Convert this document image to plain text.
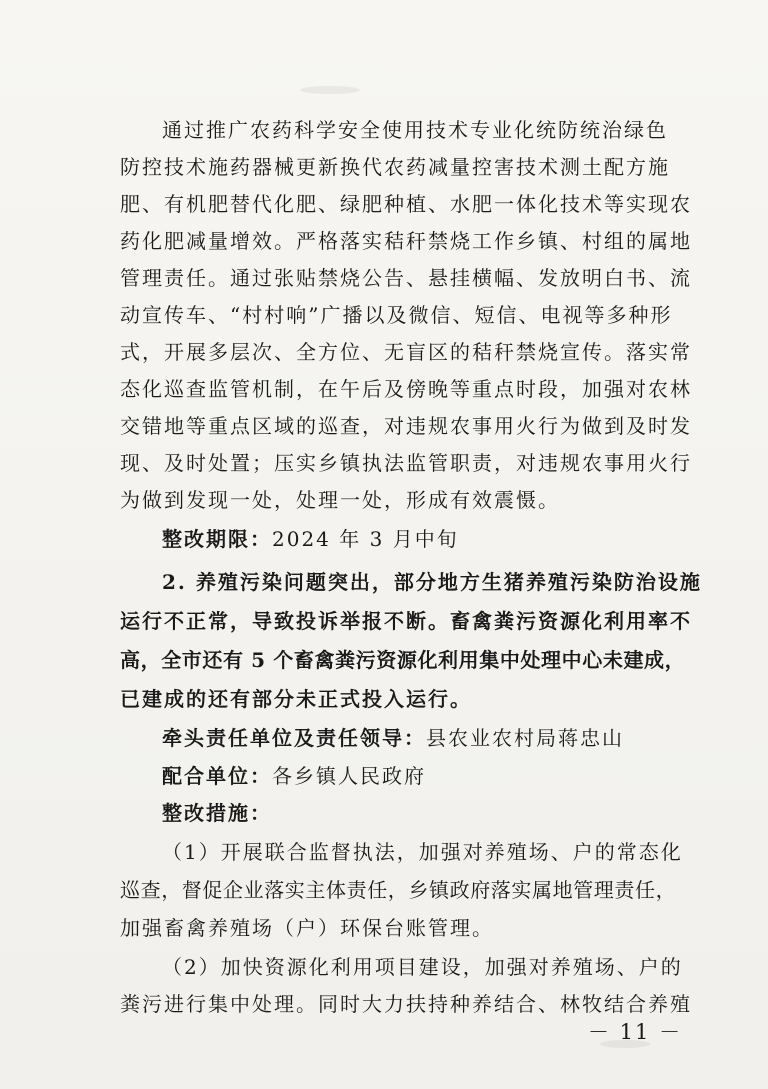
通过推广农药科学安全使用技术专业化统防统治绿色
防控技术施药器械更新换代农药减量控害技术测土配方施
肥、有机肥替代化肥、绿肥种植、水肥一体化技术等实现农
药化肥减量增效。严格落实秸秆禁烧工作乡镇、村组的属地
管理责任。通过张贴禁烧公告、悬挂横幅、发放明白书、流
动宣传车、“村村响”广播以及微信、短信、电视等多种形
式，开展多层次、全方位、无盲区的秸秆禁烧宣传。落实常
态化巡查监管机制，在午后及傍晚等重点时段，加强对农林
交错地等重点区域的巡查，对违规农事用火行为做到及时发
现、及时处置；压实乡镇执法监管职责，对违规农事用火行
为做到发现一处，处理一处，形成有效震慑。
整改期限：2024 年 3 月中旬
2. 养殖污染问题突出，部分地方生猪养殖污染防治设施
运行不正常，导致投诉举报不断。畜禽粪污资源化利用率不
高，全市还有 5 个畜禽粪污资源化利用集中处理中心未建成，
已建成的还有部分未正式投入运行。
牵头责任单位及责任领导：县农业农村局蒋忠山
配合单位：各乡镇人民政府
整改措施：
（1）开展联合监督执法，加强对养殖场、户的常态化
巡查，督促企业落实主体责任，乡镇政府落实属地管理责任，
加强畜禽养殖场（户）环保台账管理。
（2）加快资源化利用项目建设，加强对养殖场、户的
粪污进行集中处理。同时大力扶持种养结合、林牧结合养殖
－ 11 －
